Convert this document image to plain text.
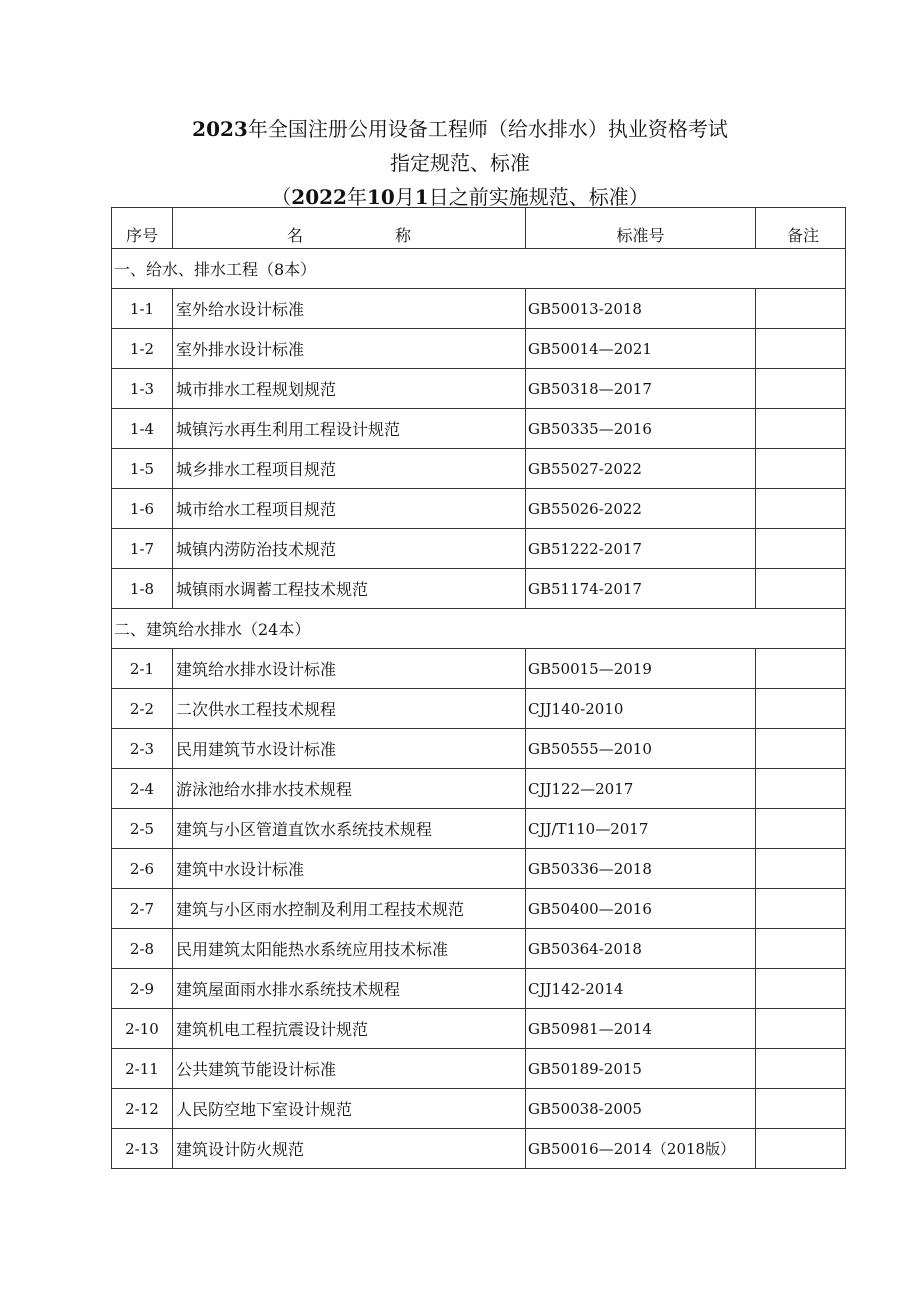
2023年全国注册公用设备工程师（给水排水）执业资格考试
指定规范、标准
（2022年10月1日之前实施规范、标准）
序号	名 称	标准号	备注
一、给水、排水工程（8本）			
1-1	室外给水设计标准	GB50013-2018	
1-2	室外排水设计标准	GB50014—2021	
1-3	城市排水工程规划规范	GB50318—2017	
1-4	城镇污水再生利用工程设计规范	GB50335—2016	
1-5	城乡排水工程项目规范	GB55027-2022	
1-6	城市给水工程项目规范	GB55026-2022	
1-7	城镇内涝防治技术规范	GB51222-2017	
1-8	城镇雨水调蓄工程技术规范	GB51174-2017	
二、建筑给水排水（24本）			
2-1	建筑给水排水设计标准	GB50015—2019	
2-2	二次供水工程技术规程	CJJ140-2010	
2-3	民用建筑节水设计标准	GB50555—2010	
2-4	游泳池给水排水技术规程	CJJ122—2017	
2-5	建筑与小区管道直饮水系统技术规程	CJJ/T110—2017	
2-6	建筑中水设计标准	GB50336—2018	
2-7	建筑与小区雨水控制及利用工程技术规范	GB50400—2016	
2-8	民用建筑太阳能热水系统应用技术标准	GB50364-2018	
2-9	建筑屋面雨水排水系统技术规程	CJJ142-2014	
2-10	建筑机电工程抗震设计规范	GB50981—2014	
2-11	公共建筑节能设计标准	GB50189-2015	
2-12	人民防空地下室设计规范	GB50038-2005	
2-13	建筑设计防火规范	GB50016—2014（2018版）	
